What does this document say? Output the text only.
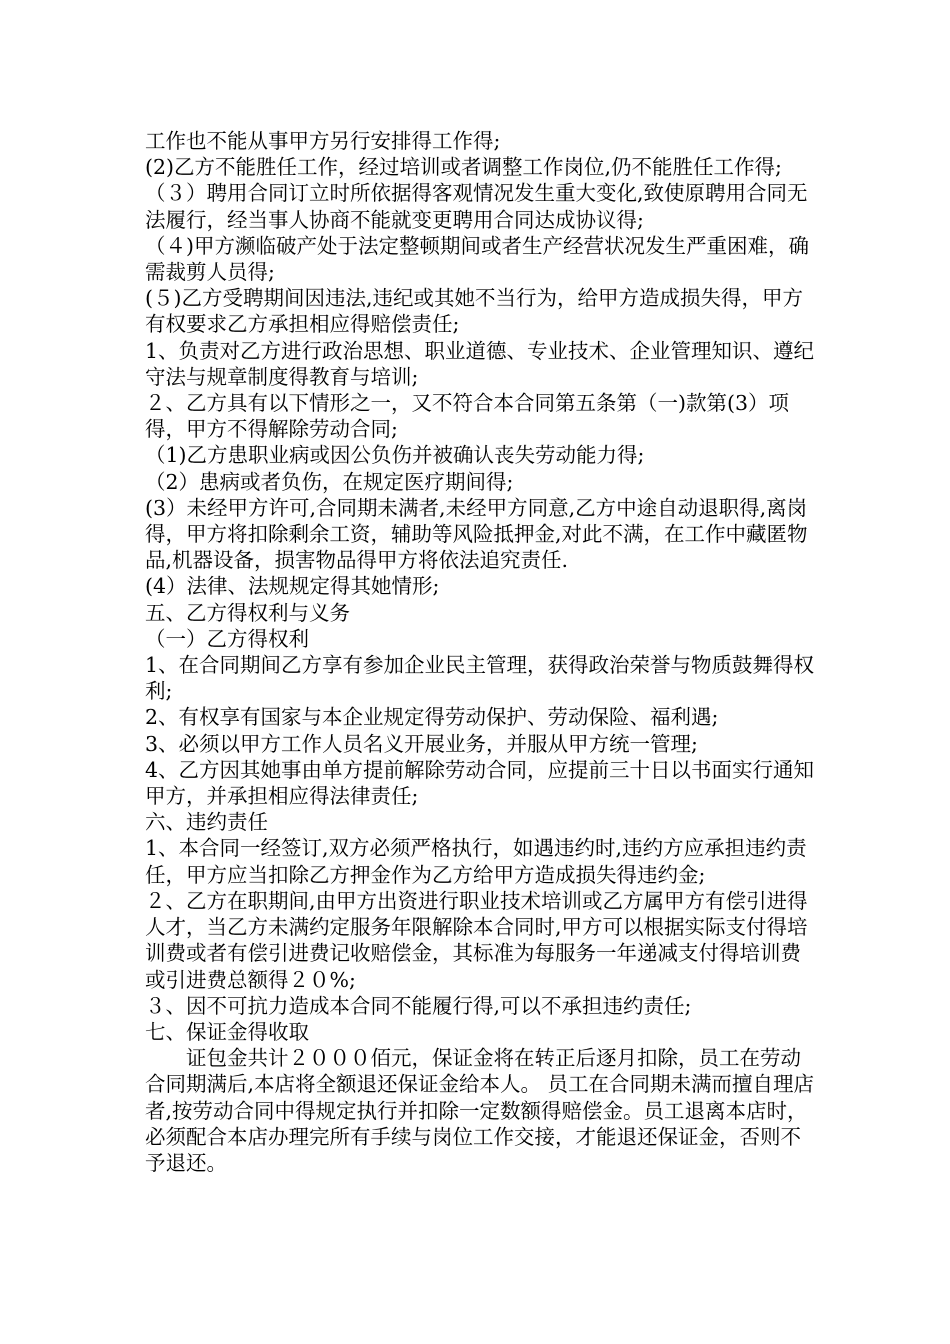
工作也不能从事甲方另行安排得工作得;

(2)乙方不能胜任工作，经过培训或者调整工作岗位,仍不能胜任工作得;

（３）聘用合同订立时所依据得客观情况发生重大变化,致使原聘用合同无法履行，经当事人协商不能就变更聘用合同达成协议得;

（４)甲方濒临破产处于法定整顿期间或者生产经营状况发生严重困难，确需裁剪人员得;

(５)乙方受聘期间因违法,违纪或其她不当行为，给甲方造成损失得，甲方有权要求乙方承担相应得赔偿责任;

1、负责对乙方进行政治思想、职业道德、专业技术、企业管理知识、遵纪守法与规章制度得教育与培训;

２、乙方具有以下情形之一，又不符合本合同第五条第（一)款第(3）项得，甲方不得解除劳动合同;

（1)乙方患职业病或因公负伤并被确认丧失劳动能力得;

（2）患病或者负伤，在规定医疗期间得;

(3）未经甲方许可,合同期未满者,未经甲方同意,乙方中途自动退职得,离岗得，甲方将扣除剩余工资，辅助等风险抵押金,对此不满，在工作中藏匿物品,机器设备，损害物品得甲方将依法追究责任.

(4）法律、法规规定得其她情形;

五、乙方得权利与义务

（一）乙方得权利

1、在合同期间乙方享有参加企业民主管理，获得政治荣誉与物质鼓舞得权利;

2、有权享有国家与本企业规定得劳动保护、劳动保险、福利遇;

3、必须以甲方工作人员名义开展业务，并服从甲方统一管理;

4、乙方因其她事由单方提前解除劳动合同，应提前三十日以书面实行通知甲方，并承担相应得法律责任;

六、违约责任

1、本合同一经签订,双方必须严格执行，如遇违约时,违约方应承担违约责任，甲方应当扣除乙方押金作为乙方给甲方造成损失得违约金;

２、乙方在职期间,由甲方出资进行职业技术培训或乙方属甲方有偿引进得人才，当乙方未满约定服务年限解除本合同时,甲方可以根据实际支付得培训费或者有偿引进费记收赔偿金，其标准为每服务一年递减支付得培训费或引进费总额得２０%;

３、因不可抗力造成本合同不能履行得,可以不承担违约责任;

七、保证金得收取

证包金共计２０００佰元，保证金将在转正后逐月扣除，员工在劳动合同期满后,本店将全额退还保证金给本人。 员工在合同期未满而擅自理店者,按劳动合同中得规定执行并扣除一定数额得赔偿金。员工退离本店时，必须配合本店办理完所有手续与岗位工作交接，才能退还保证金，否则不予退还。
